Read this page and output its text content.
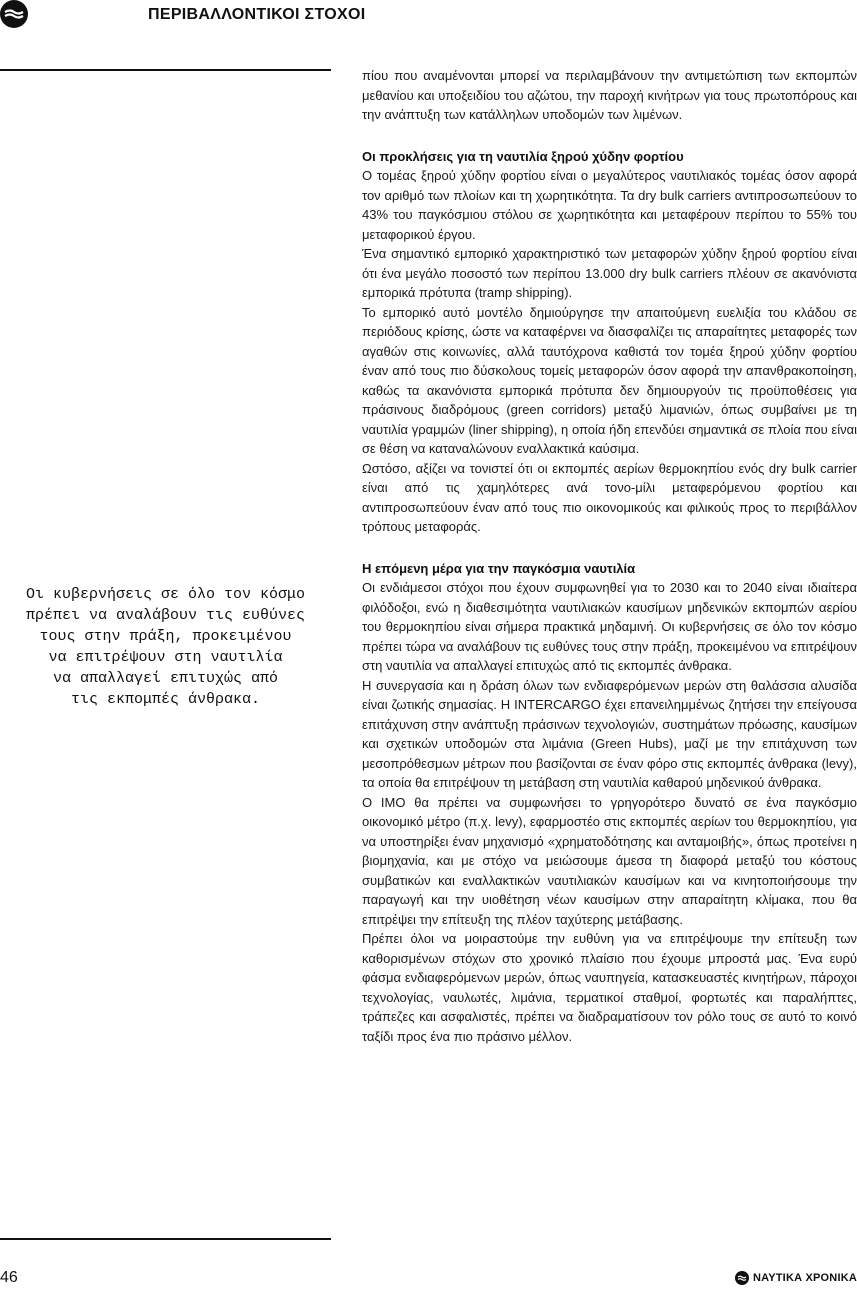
ΠΕΡΙΒΑΛΛΟΝΤΙΚΟΙ ΣΤΟΧΟΙ

Οι κυβερνήσεις σε όλο τον κόσμο

πρέπει να αναλάβουν τις ευθύνες

τους στην πράξη, προκειμένου

να επιτρέψουν στη ναυτιλία

να απαλλαγεί επιτυχώς από

τις εκπομπές άνθρακα.

πίου που αναμένονται μπορεί να περιλαμβάνουν την αντιμετώπιση των εκπομπών μεθανίου και υποξειδίου του αζώτου, την παροχή κινήτρων για τους πρωτοπόρους και την ανάπτυξη των κατάλληλων υποδομών των λιμένων.

Οι προκλήσεις για τη ναυτιλία ξηρού χύδην φορτίου

Ο τομέας ξηρού χύδην φορτίου είναι ο μεγαλύτερος ναυτιλιακός τομέας όσον αφορά τον αριθμό των πλοίων και τη χωρητικότητα. Τα dry bulk carriers αντιπροσωπεύουν το 43% του παγκόσμιου στόλου σε χωρητικότητα και μεταφέρουν περίπου το 55% του μεταφορικού έργου.

Ένα σημαντικό εμπορικό χαρακτηριστικό των μεταφορών χύδην ξηρού φορτίου είναι ότι ένα μεγάλο ποσοστό των περίπου 13.000 dry bulk carriers πλέουν σε ακανόνιστα εμπορικά πρότυπα (tramp shipping).

Το εμπορικό αυτό μοντέλο δημιούργησε την απαιτούμενη ευελιξία του κλάδου σε περιόδους κρίσης, ώστε να καταφέρνει να διασφαλίζει τις απαραίτητες μεταφορές των αγαθών στις κοινωνίες, αλλά ταυτόχρονα καθιστά τον τομέα ξηρού χύδην φορτίου έναν από τους πιο δύσκολους τομείς μεταφορών όσον αφορά την απανθρακοποίηση, καθώς τα ακανόνιστα εμπορικά πρότυπα δεν δημιουργούν τις προϋποθέσεις για πράσινους διαδρόμους (green corridors) μεταξύ λιμανιών, όπως συμβαίνει με τη ναυτιλία γραμμών (liner shipping), η οποία ήδη επενδύει σημαντικά σε πλοία που είναι σε θέση να καταναλώνουν εναλλακτικά καύσιμα.

Ωστόσο, αξίζει να τονιστεί ότι οι εκπομπές αερίων θερμοκηπίου ενός dry bulk carrier είναι από τις χαμηλότερες ανά τονο-μίλι μεταφερόμενου φορτίου και αντιπροσωπεύουν έναν από τους πιο οικονομικούς και φιλικούς προς το περιβάλλον τρόπους μεταφοράς.

Η επόμενη μέρα για την παγκόσμια ναυτιλία

Οι ενδιάμεσοι στόχοι που έχουν συμφωνηθεί για το 2030 και το 2040 είναι ιδιαίτερα φιλόδοξοι, ενώ η διαθεσιμότητα ναυτιλιακών καυσίμων μηδενικών εκπομπών αερίου του θερμοκηπίου είναι σήμερα πρακτικά μηδαμινή. Οι κυβερνήσεις σε όλο τον κόσμο πρέπει τώρα να αναλάβουν τις ευθύνες τους στην πράξη, προκειμένου να επιτρέψουν στη ναυτιλία να απαλλαγεί επιτυχώς από τις εκπομπές άνθρακα.

Η συνεργασία και η δράση όλων των ενδιαφερόμενων μερών στη θαλάσσια αλυσίδα είναι ζωτικής σημασίας. Η INTERCARGO έχει επανειλημμένως ζητήσει την επείγουσα επιτάχυνση στην ανάπτυξη πράσινων τεχνολογιών, συστημάτων πρόωσης, καυσίμων και σχετικών υποδομών στα λιμάνια (Green Hubs), μαζί με την επιτάχυνση των μεσοπρόθεσμων μέτρων που βασίζονται σε έναν φόρο στις εκπομπές άνθρακα (levy), τα οποία θα επιτρέψουν τη μετάβαση στη ναυτιλία καθαρού μηδενικού άνθρακα.

Ο IMO θα πρέπει να συμφωνήσει το γρηγορότερο δυνατό σε ένα παγκόσμιο οικονομικό μέτρο (π.χ. levy), εφαρμοστέο στις εκπομπές αερίων του θερμοκηπίου, για να υποστηρίξει έναν μηχανισμό «χρηματοδότησης και ανταμοιβής», όπως προτείνει η βιομηχανία, και με στόχο να μειώσουμε άμεσα τη διαφορά μεταξύ του κόστους συμβατικών και εναλλακτικών ναυτιλιακών καυσίμων και να κινητοποιήσουμε την παραγωγή και την υιοθέτηση νέων καυσίμων στην απαραίτητη κλίμακα, που θα επιτρέψει την επίτευξη της πλέον ταχύτερης μετάβασης.

Πρέπει όλοι να μοιραστούμε την ευθύνη για να επιτρέψουμε την επίτευξη των καθορισμένων στόχων στο χρονικό πλαίσιο που έχουμε μπροστά μας. Ένα ευρύ φάσμα ενδιαφερόμενων μερών, όπως ναυπηγεία, κατασκευαστές κινητήρων, πάροχοι τεχνολογίας, ναυλωτές, λιμάνια, τερματικοί σταθμοί, φορτωτές και παραλήπτες, τράπεζες και ασφαλιστές, πρέπει να διαδραματίσουν τον ρόλο τους σε αυτό το κοινό ταξίδι προς ένα πιο πράσινο μέλλον.

46	ΝΑΥΤΙΚΑ ΧΡΟΝΙΚΑ
